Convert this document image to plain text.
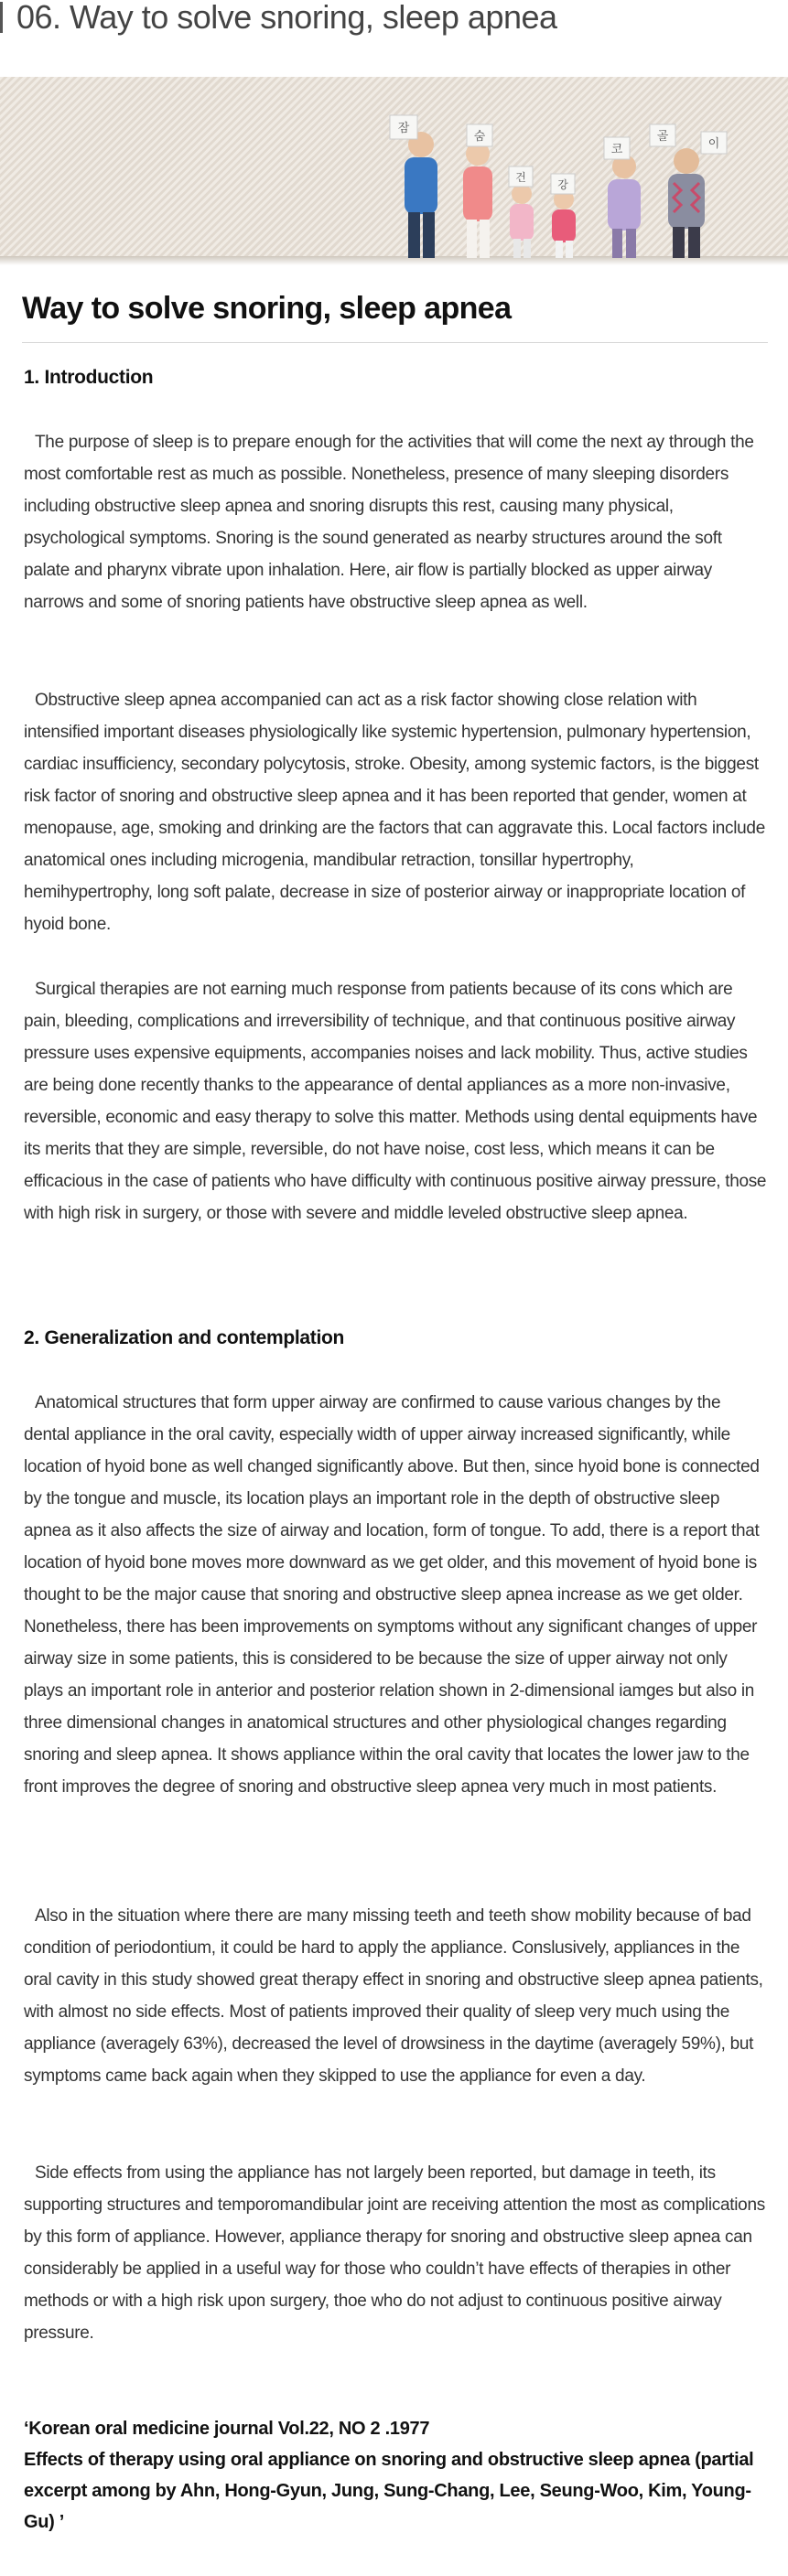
06. Way to solve snoring, sleep apnea
잠
숨
건
강
코
골
이
Way to solve snoring, sleep apnea
1. Introduction

The purpose of sleep is to prepare enough for the activities that will come the next ay through the most comfortable rest as much as possible. Nonetheless, presence of many sleeping disorders including obstructive sleep apnea and snoring disrupts this rest, causing many physical, psychological symptoms. Snoring is the sound generated as nearby structures around the soft palate and pharynx vibrate upon inhalation. Here, air flow is partially blocked as upper airway narrows and some of snoring patients have obstructive sleep apnea as well.

Obstructive sleep apnea accompanied can act as a risk factor showing close relation with intensified important diseases physiologically like systemic hypertension, pulmonary hypertension, cardiac insufficiency, secondary polycytosis, stroke. Obesity, among systemic factors, is the biggest risk factor of snoring and obstructive sleep apnea and it has been reported that gender, women at menopause, age, smoking and drinking are the factors that can aggravate this. Local factors include anatomical ones including microgenia, mandibular retraction, tonsillar hypertrophy, hemihypertrophy, long soft palate, decrease in size of posterior airway or inappropriate location of hyoid bone.

Surgical therapies are not earning much response from patients because of its cons which are pain, bleeding, complications and irreversibility of technique, and that continuous positive airway pressure uses expensive equipments, accompanies noises and lack mobility. Thus, active studies are being done recently thanks to the appearance of dental appliances as a more non-invasive, reversible, economic and easy therapy to solve this matter. Methods using dental equipments have its merits that they are simple, reversible, do not have noise, cost less, which means it can be efficacious in the case of patients who have difficulty with continuous positive airway pressure, those with high risk in surgery, or those with severe and middle leveled obstructive sleep apnea.

2. Generalization and contemplation

Anatomical structures that form upper airway are confirmed to cause various changes by the dental appliance in the oral cavity, especially width of upper airway increased significantly, while location of hyoid bone as well changed significantly above. But then, since hyoid bone is connected by the tongue and muscle, its location plays an important role in the depth of obstructive sleep apnea as it also affects the size of airway and location, form of tongue. To add, there is a report that location of hyoid bone moves more downward as we get older, and this movement of hyoid bone is thought to be the major cause that snoring and obstructive sleep apnea increase as we get older. Nonetheless, there has been improvements on symptoms without any significant changes of upper airway size in some patients, this is considered to be because the size of upper airway not only plays an important role in anterior and posterior relation shown in 2-dimensional iamges but also in three dimensional changes in anatomical structures and other physiological changes regarding snoring and sleep apnea. It shows appliance within the oral cavity that locates the lower jaw to the front improves the degree of snoring and obstructive sleep apnea very much in most patients.

Also in the situation where there are many missing teeth and teeth show mobility because of bad condition of periodontium, it could be hard to apply the appliance. Conslusively, appliances in the oral cavity in this study showed great therapy effect in snoring and obstructive sleep apnea patients, with almost no side effects. Most of patients improved their quality of sleep very much using the appliance (averagely 63%), decreased the level of drowsiness in the daytime (averagely 59%), but symptoms came back again when they skipped to use the appliance for even a day.

Side effects from using the appliance has not largely been reported, but damage in teeth, its supporting structures and temporomandibular joint are receiving attention the most as complications by this form of appliance. However, appliance therapy for snoring and obstructive sleep apnea can considerably be applied in a useful way for those who couldn’t have effects of therapies in other methods or with a high risk upon surgery, thoe who do not adjust to continuous positive airway pressure.

‘Korean oral medicine journal Vol.22, NO 2 .1977
Effects of therapy using oral appliance on snoring and obstructive sleep apnea (partial excerpt among by Ahn, Hong-Gyun, Jung, Sung-Chang, Lee, Seung-Woo, Kim, Young-Gu) ’
